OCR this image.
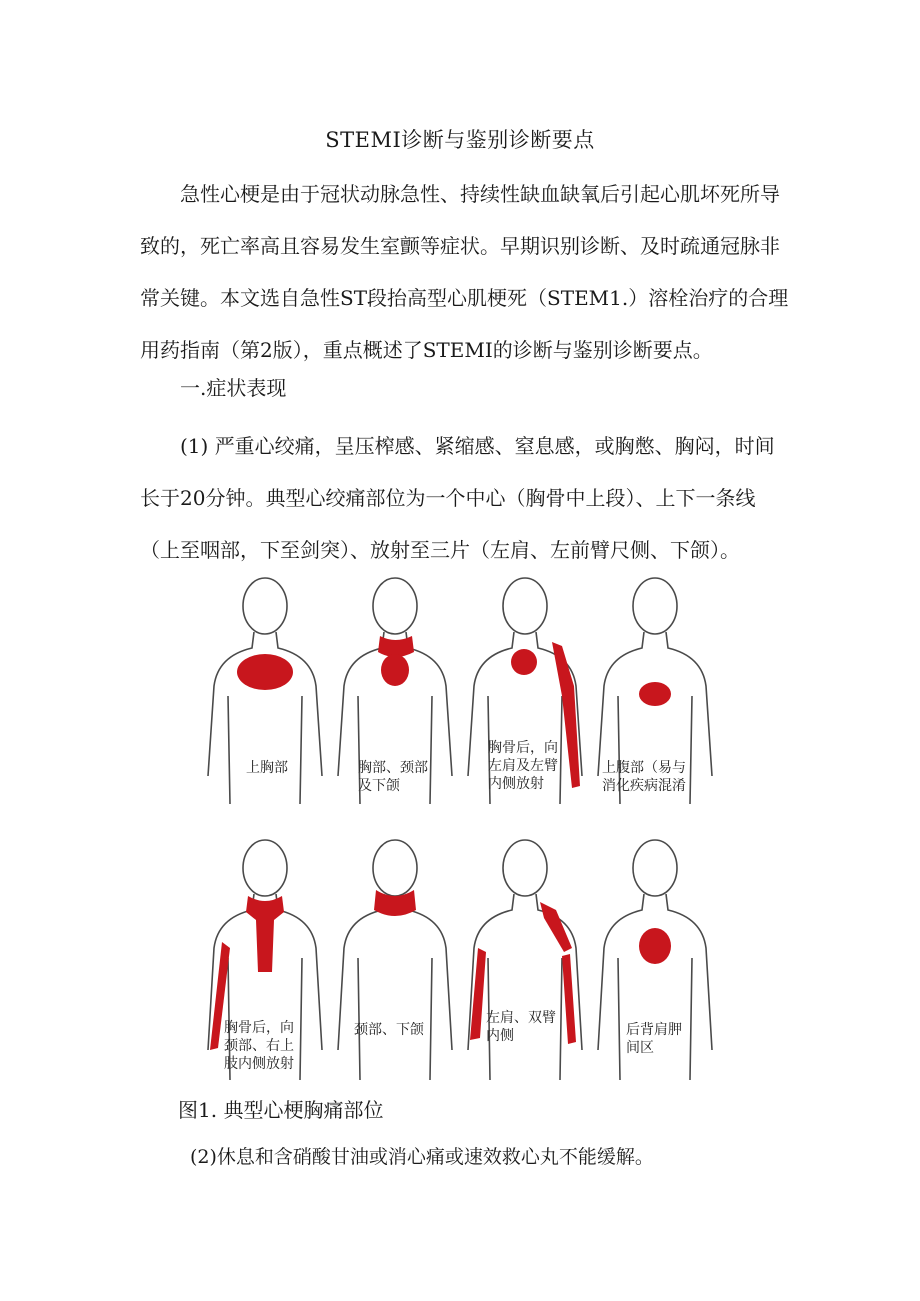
STEMI诊断与鉴别诊断要点

急性心梗是由于冠状动脉急性、持续性缺血缺氧后引起心肌坏死所导致的，死亡率高且容易发生室颤等症状。早期识别诊断、及时疏通冠脉非常关键。本文选自急性ST段抬高型心肌梗死（STEM1.）溶栓治疗的合理用药指南（第2版），重点概述了STEMI的诊断与鉴别诊断要点。

一.症状表现

(1) 严重心绞痛，呈压榨感、紧缩感、窒息感，或胸憋、胸闷，时间长于20分钟。典型心绞痛部位为一个中心（胸骨中上段）、上下一条线（上至咽部，下至剑突）、放射至三片（左肩、左前臂尺侧、下颌）。

上胸部	胸部、颈部及下颌
胸骨后，向左肩及左臂内侧放射
上腹部（易与消化疾病混淆
胸骨后，向颈部、右上肢内侧放射
颈部、下颌
左肩、双臂内侧	后背肩胛间区

图1. 典型心梗胸痛部位

(2)休息和含硝酸甘油或消心痛或速效救心丸不能缓解。
